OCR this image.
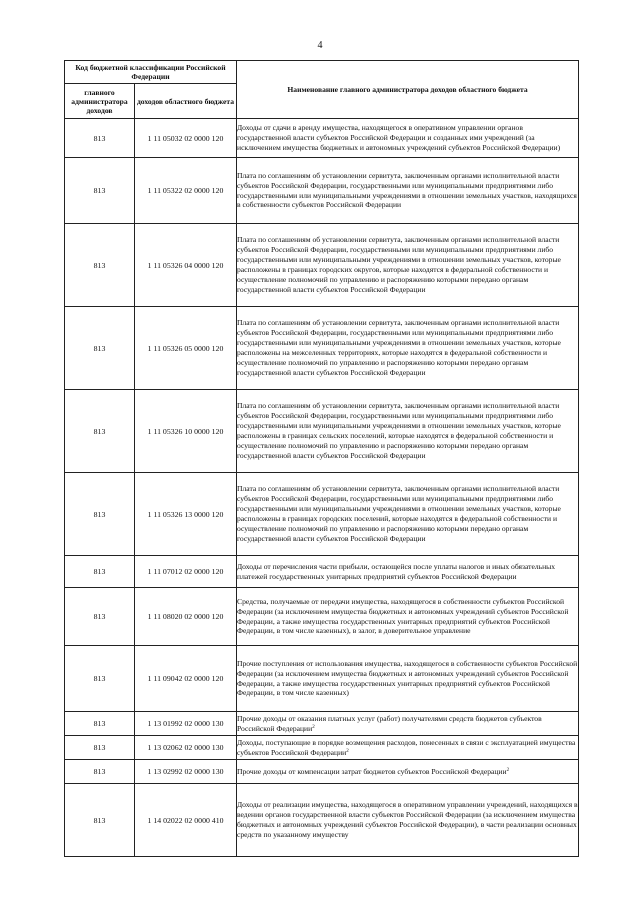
4
Код бюджетной классификации Российской Федерации		Наименование главного администратора доходов областного бюджета
главного администратора доходов	доходов областного бюджета	
813	1 11 05032 02 0000 120	Доходы от сдачи в аренду имущества, находящегося в оперативном управлении органов государственной власти субъектов Российской Федерации и созданных ими учреждений (за исключением имущества бюджетных и автономных учреждений субъектов Российской Федерации)
813	1 11 05322 02 0000 120	Плата по соглашениям об установлении сервитута, заключенным органами исполнительной власти субъектов Российской Федерации, государственными или муниципальными предприятиями либо государственными или муниципальными учреждениями в отношении земельных участков, находящихся в собственности субъектов Российской Федерации
813	1 11 05326 04 0000 120	Плата по соглашениям об установлении сервитута, заключенным органами исполнительной власти субъектов Российской Федерации, государственными или муниципальными предприятиями либо государственными или муниципальными учреждениями в отношении земельных участков, которые расположены в границах городских округов, которые находятся в федеральной собственности и осуществление полномочий по управлению и распоряжению которыми передано органам государственной власти субъектов Российской Федерации
813	1 11 05326 05 0000 120	Плата по соглашениям об установлении сервитута, заключенным органами исполнительной власти субъектов Российской Федерации, государственными или муниципальными предприятиями либо государственными или муниципальными учреждениями в отношении земельных участков, которые расположены на межселенных территориях, которые находятся в федеральной собственности и осуществление полномочий по управлению и распоряжению которыми передано органам государственной власти субъектов Российской Федерации
813	1 11 05326 10 0000 120	Плата по соглашениям об установлении сервитута, заключенным органами исполнительной власти субъектов Российской Федерации, государственными или муниципальными предприятиями либо государственными или муниципальными учреждениями в отношении земельных участков, которые расположены в границах сельских поселений, которые находятся в федеральной собственности и осуществление полномочий по управлению и распоряжению которыми передано органам государственной власти субъектов Российской Федерации
813	1 11 05326 13 0000 120	Плата по соглашениям об установлении сервитута, заключенным органами исполнительной власти субъектов Российской Федерации, государственными или муниципальными предприятиями либо государственными или муниципальными учреждениями в отношении земельных участков, которые расположены в границах городских поселений, которые находятся в федеральной собственности и осуществление полномочий по управлению и распоряжению которыми передано органам государственной власти субъектов Российской Федерации
813	1 11 07012 02 0000 120	Доходы от перечисления части прибыли, остающейся после уплаты налогов и иных обязательных платежей государственных унитарных предприятий субъектов Российской Федерации
813	1 11 08020 02 0000 120	Средства, получаемые от передачи имущества, находящегося в собственности субъектов Российской Федерации (за исключением имущества бюджетных и автономных учреждений субъектов Российской Федерации, а также имущества государственных унитарных предприятий субъектов Российской Федерации, в том числе казенных), в залог, в доверительное управление
813	1 11 09042 02 0000 120	Прочие поступления от использования имущества, находящегося в собственности субъектов Российской Федерации (за исключением имущества бюджетных и автономных учреждений субъектов Российской Федерации, а также имущества государственных унитарных предприятий субъектов Российской Федерации, в том числе казенных)
813	1 13 01992 02 0000 130	Прочие доходы от оказания платных услуг (работ) получателями средств бюджетов субъектов Российской Федерации$^2$
813	1 13 02062 02 0000 130	Доходы, поступающие в порядке возмещения расходов, понесенных в связи с эксплуатацией имущества субъектов Российской Федерации$^2$
813	1 13 02992 02 0000 130	Прочие доходы от компенсации затрат бюджетов субъектов Российской Федерации$^2$
813	1 14 02022 02 0000 410	Доходы от реализации имущества, находящегося в оперативном управлении учреждений, находящихся в ведении органов государственной власти субъектов Российской Федерации (за исключением имущества бюджетных и автономных учреждений субъектов Российской Федерации), в части реализации основных средств по указанному имуществу
